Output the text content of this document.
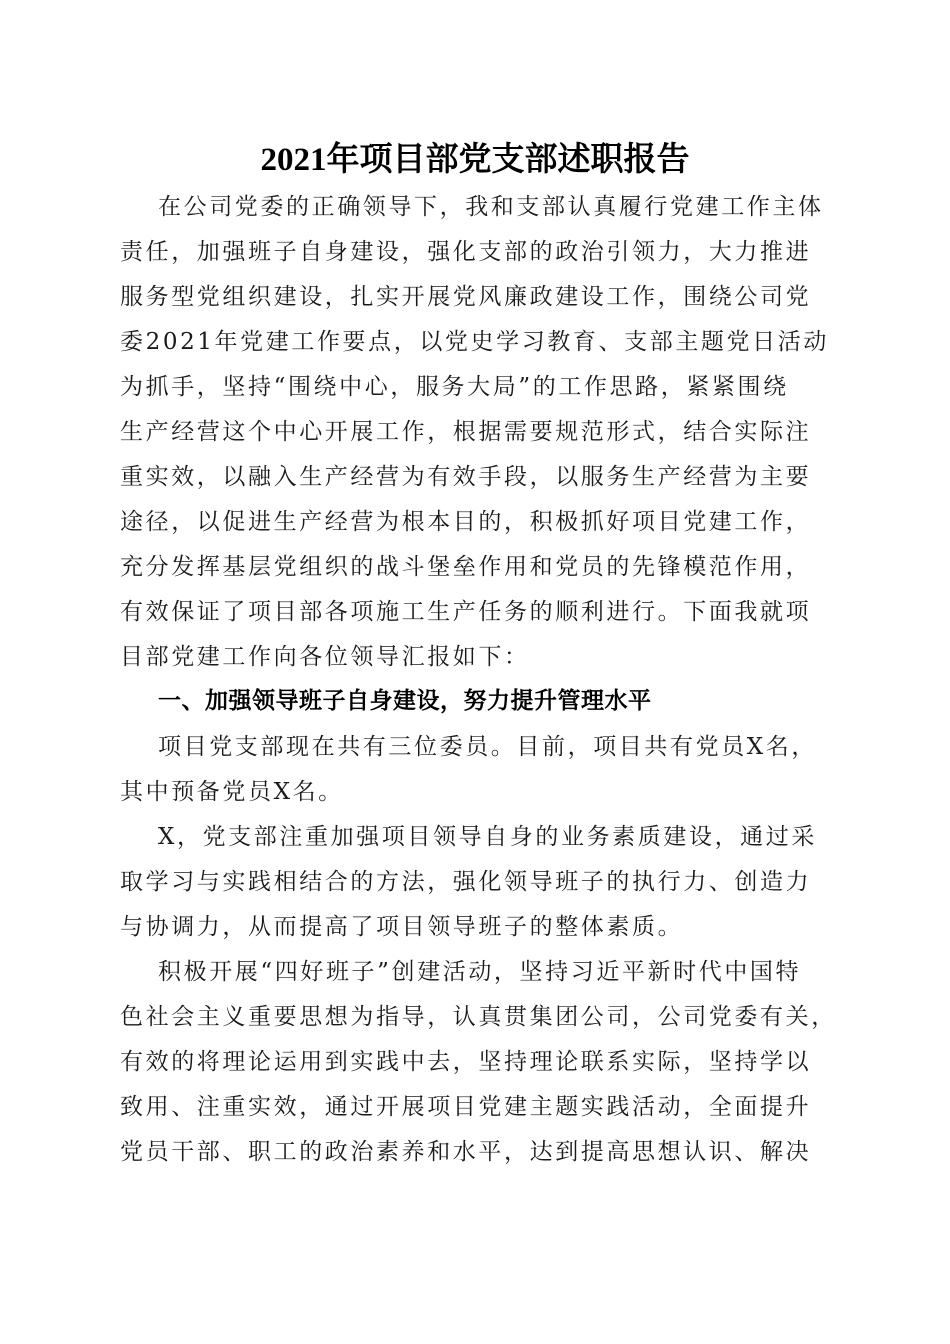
2021年项目部党支部述职报告
在公司党委的正确领导下，我和支部认真履行党建工作主体
责任，加强班子自身建设，强化支部的政治引领力，大力推进
服务型党组织建设，扎实开展党风廉政建设工作，围绕公司党
委2021年党建工作要点，以党史学习教育、支部主题党日活动
为抓手，坚持“围绕中心，服务大局”的工作思路，紧紧围绕
生产经营这个中心开展工作，根据需要规范形式，结合实际注
重实效，以融入生产经营为有效手段，以服务生产经营为主要
途径，以促进生产经营为根本目的，积极抓好项目党建工作，
充分发挥基层党组织的战斗堡垒作用和党员的先锋模范作用，
有效保证了项目部各项施工生产任务的顺利进行。下面我就项
目部党建工作向各位领导汇报如下：
一、加强领导班子自身建设，努力提升管理水平
项目党支部现在共有三位委员。目前，项目共有党员X名，
其中预备党员X名。
X，党支部注重加强项目领导自身的业务素质建设，通过采
取学习与实践相结合的方法，强化领导班子的执行力、创造力
与协调力，从而提高了项目领导班子的整体素质。
积极开展“四好班子”创建活动，坚持习近平新时代中国特
色社会主义重要思想为指导，认真贯集团公司，公司党委有关，
有效的将理论运用到实践中去，坚持理论联系实际，坚持学以
致用、注重实效，通过开展项目党建主题实践活动，全面提升
党员干部、职工的政治素养和水平，达到提高思想认识、解决
